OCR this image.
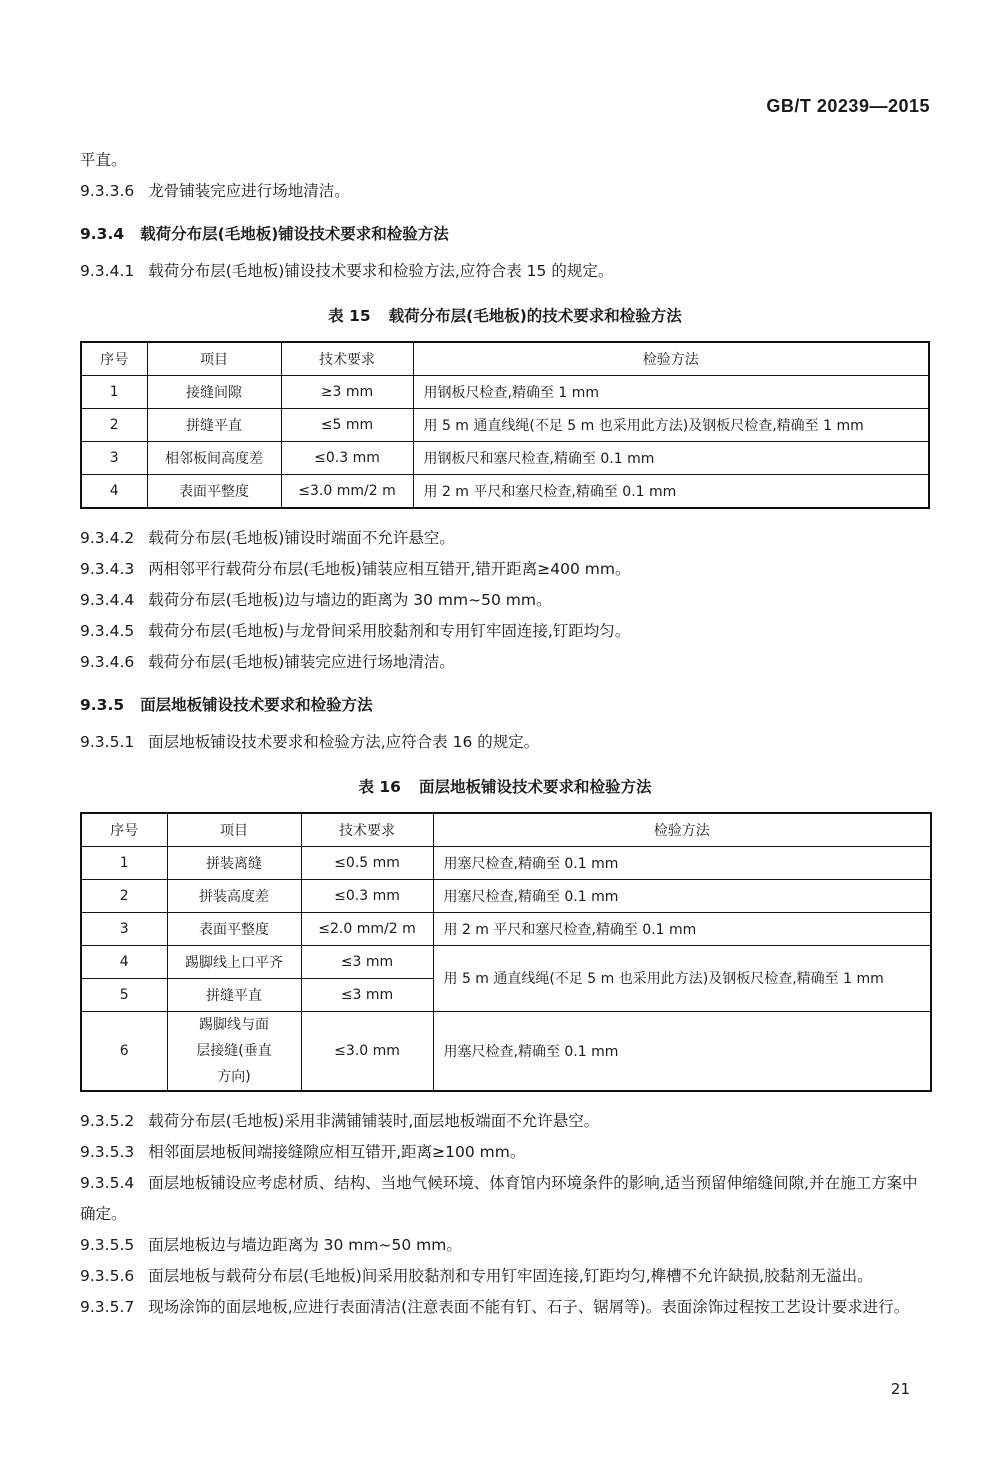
GB/T 20239—2015

平直。

9.3.3.6 龙骨铺装完应进行场地清洁。

9.3.4 载荷分布层(毛地板)铺设技术要求和检验方法

9.3.4.1 载荷分布层(毛地板)铺设技术要求和检验方法,应符合表 15 的规定。

表 15 载荷分布层(毛地板)的技术要求和检验方法
序号	项目	技术要求	检验方法
1	接缝间隙	≥3 mm	用钢板尺检查,精确至 1 mm
2	拼缝平直	≤5 mm	用 5 m 通直线绳(不足 5 m 也采用此方法)及钢板尺检查,精确至 1 mm
3	相邻板间高度差	≤0.3 mm	用钢板尺和塞尺检查,精确至 0.1 mm
4	表面平整度	≤3.0 mm/2 m	用 2 m 平尺和塞尺检查,精确至 0.1 mm

9.3.4.2 载荷分布层(毛地板)铺设时端面不允许悬空。

9.3.4.3 两相邻平行载荷分布层(毛地板)铺装应相互错开,错开距离≥400 mm。

9.3.4.4 载荷分布层(毛地板)边与墙边的距离为 30 mm~50 mm。

9.3.4.5 载荷分布层(毛地板)与龙骨间采用胶黏剂和专用钉牢固连接,钉距均匀。

9.3.4.6 载荷分布层(毛地板)铺装完应进行场地清洁。

9.3.5 面层地板铺设技术要求和检验方法

9.3.5.1 面层地板铺设技术要求和检验方法,应符合表 16 的规定。

表 16 面层地板铺设技术要求和检验方法
序号	项目	技术要求	检验方法
1	拼装离缝	≤0.5 mm	用塞尺检查,精确至 0.1 mm
2	拼装高度差	≤0.3 mm	用塞尺检查,精确至 0.1 mm
3	表面平整度	≤2.0 mm/2 m	用 2 m 平尺和塞尺检查,精确至 0.1 mm
4	踢脚线上口平齐	≤3 mm	用 5 m 通直线绳(不足 5 m 也采用此方法)及钢板尺检查,精确至 1 mm
5	拼缝平直	≤3 mm	
6	踢脚线与面层接缝(垂直方向)	≤3.0 mm	用塞尺检查,精确至 0.1 mm

9.3.5.2 载荷分布层(毛地板)采用非满铺铺装时,面层地板端面不允许悬空。

9.3.5.3 相邻面层地板间端接缝隙应相互错开,距离≥100 mm。

9.3.5.4 面层地板铺设应考虑材质、结构、当地气候环境、体育馆内环境条件的影响,适当预留伸缩缝间隙,并在施工方案中确定。

9.3.5.5 面层地板边与墙边距离为 30 mm~50 mm。

9.3.5.6 面层地板与载荷分布层(毛地板)间采用胶黏剂和专用钉牢固连接,钉距均匀,榫槽不允许缺损,胶黏剂无溢出。

9.3.5.7 现场涂饰的面层地板,应进行表面清洁(注意表面不能有钉、石子、锯屑等)。表面涂饰过程按工艺设计要求进行。

21
